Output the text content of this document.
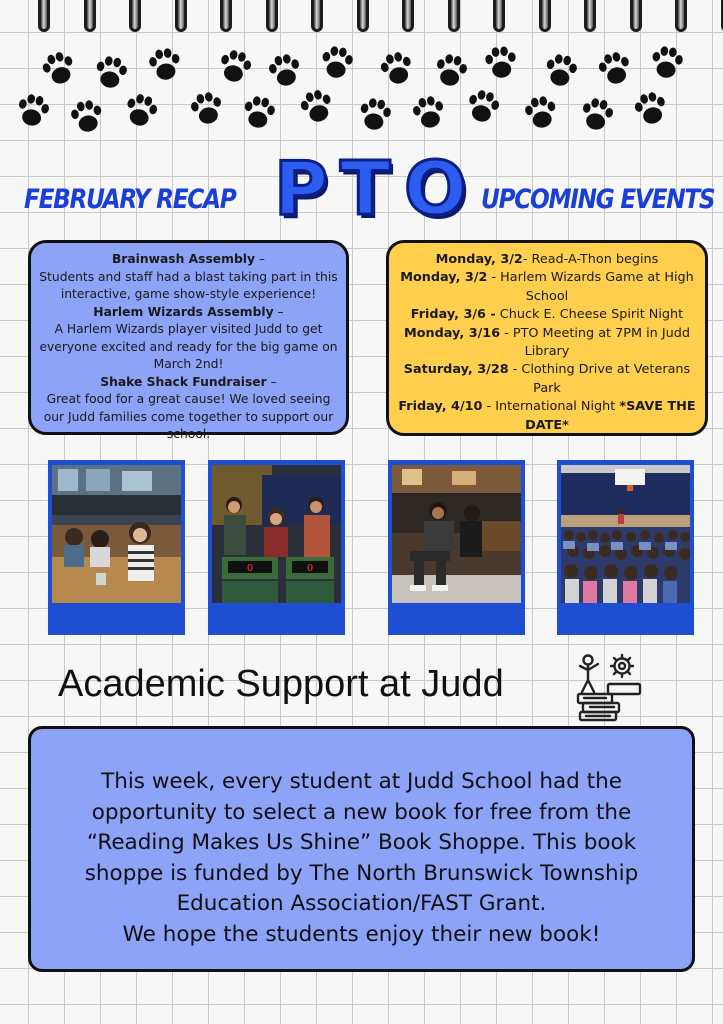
FEBRUARY RECAP P T O UPCOMING EVENTS
Brainwash Assembly –
Students and staff had a blast taking part in this interactive, game show-style experience!
Harlem Wizards Assembly –
A Harlem Wizards player visited Judd to get everyone excited and ready for the big game on March 2nd!
Shake Shack Fundraiser –
Great food for a great cause! We loved seeing our Judd families come together to support our school.
Monday, 3/2- Read-A-Thon begins
Monday, 3/2 - Harlem Wizards Game at High School
Friday, 3/6 - Chuck E. Cheese Spirit Night
Monday, 3/16 - PTO Meeting at 7PM in Judd Library
Saturday, 3/28 - Clothing Drive at Veterans Park
Friday, 4/10 - International Night *SAVE THE DATE*
0	0
Academic Support at Judd
This week, every student at Judd School had the
opportunity to select a new book for free from the
“Reading Makes Us Shine” Book Shoppe. This book
shoppe is funded by The North Brunswick Township
Education Association/FAST Grant.
We hope the students enjoy their new book!
